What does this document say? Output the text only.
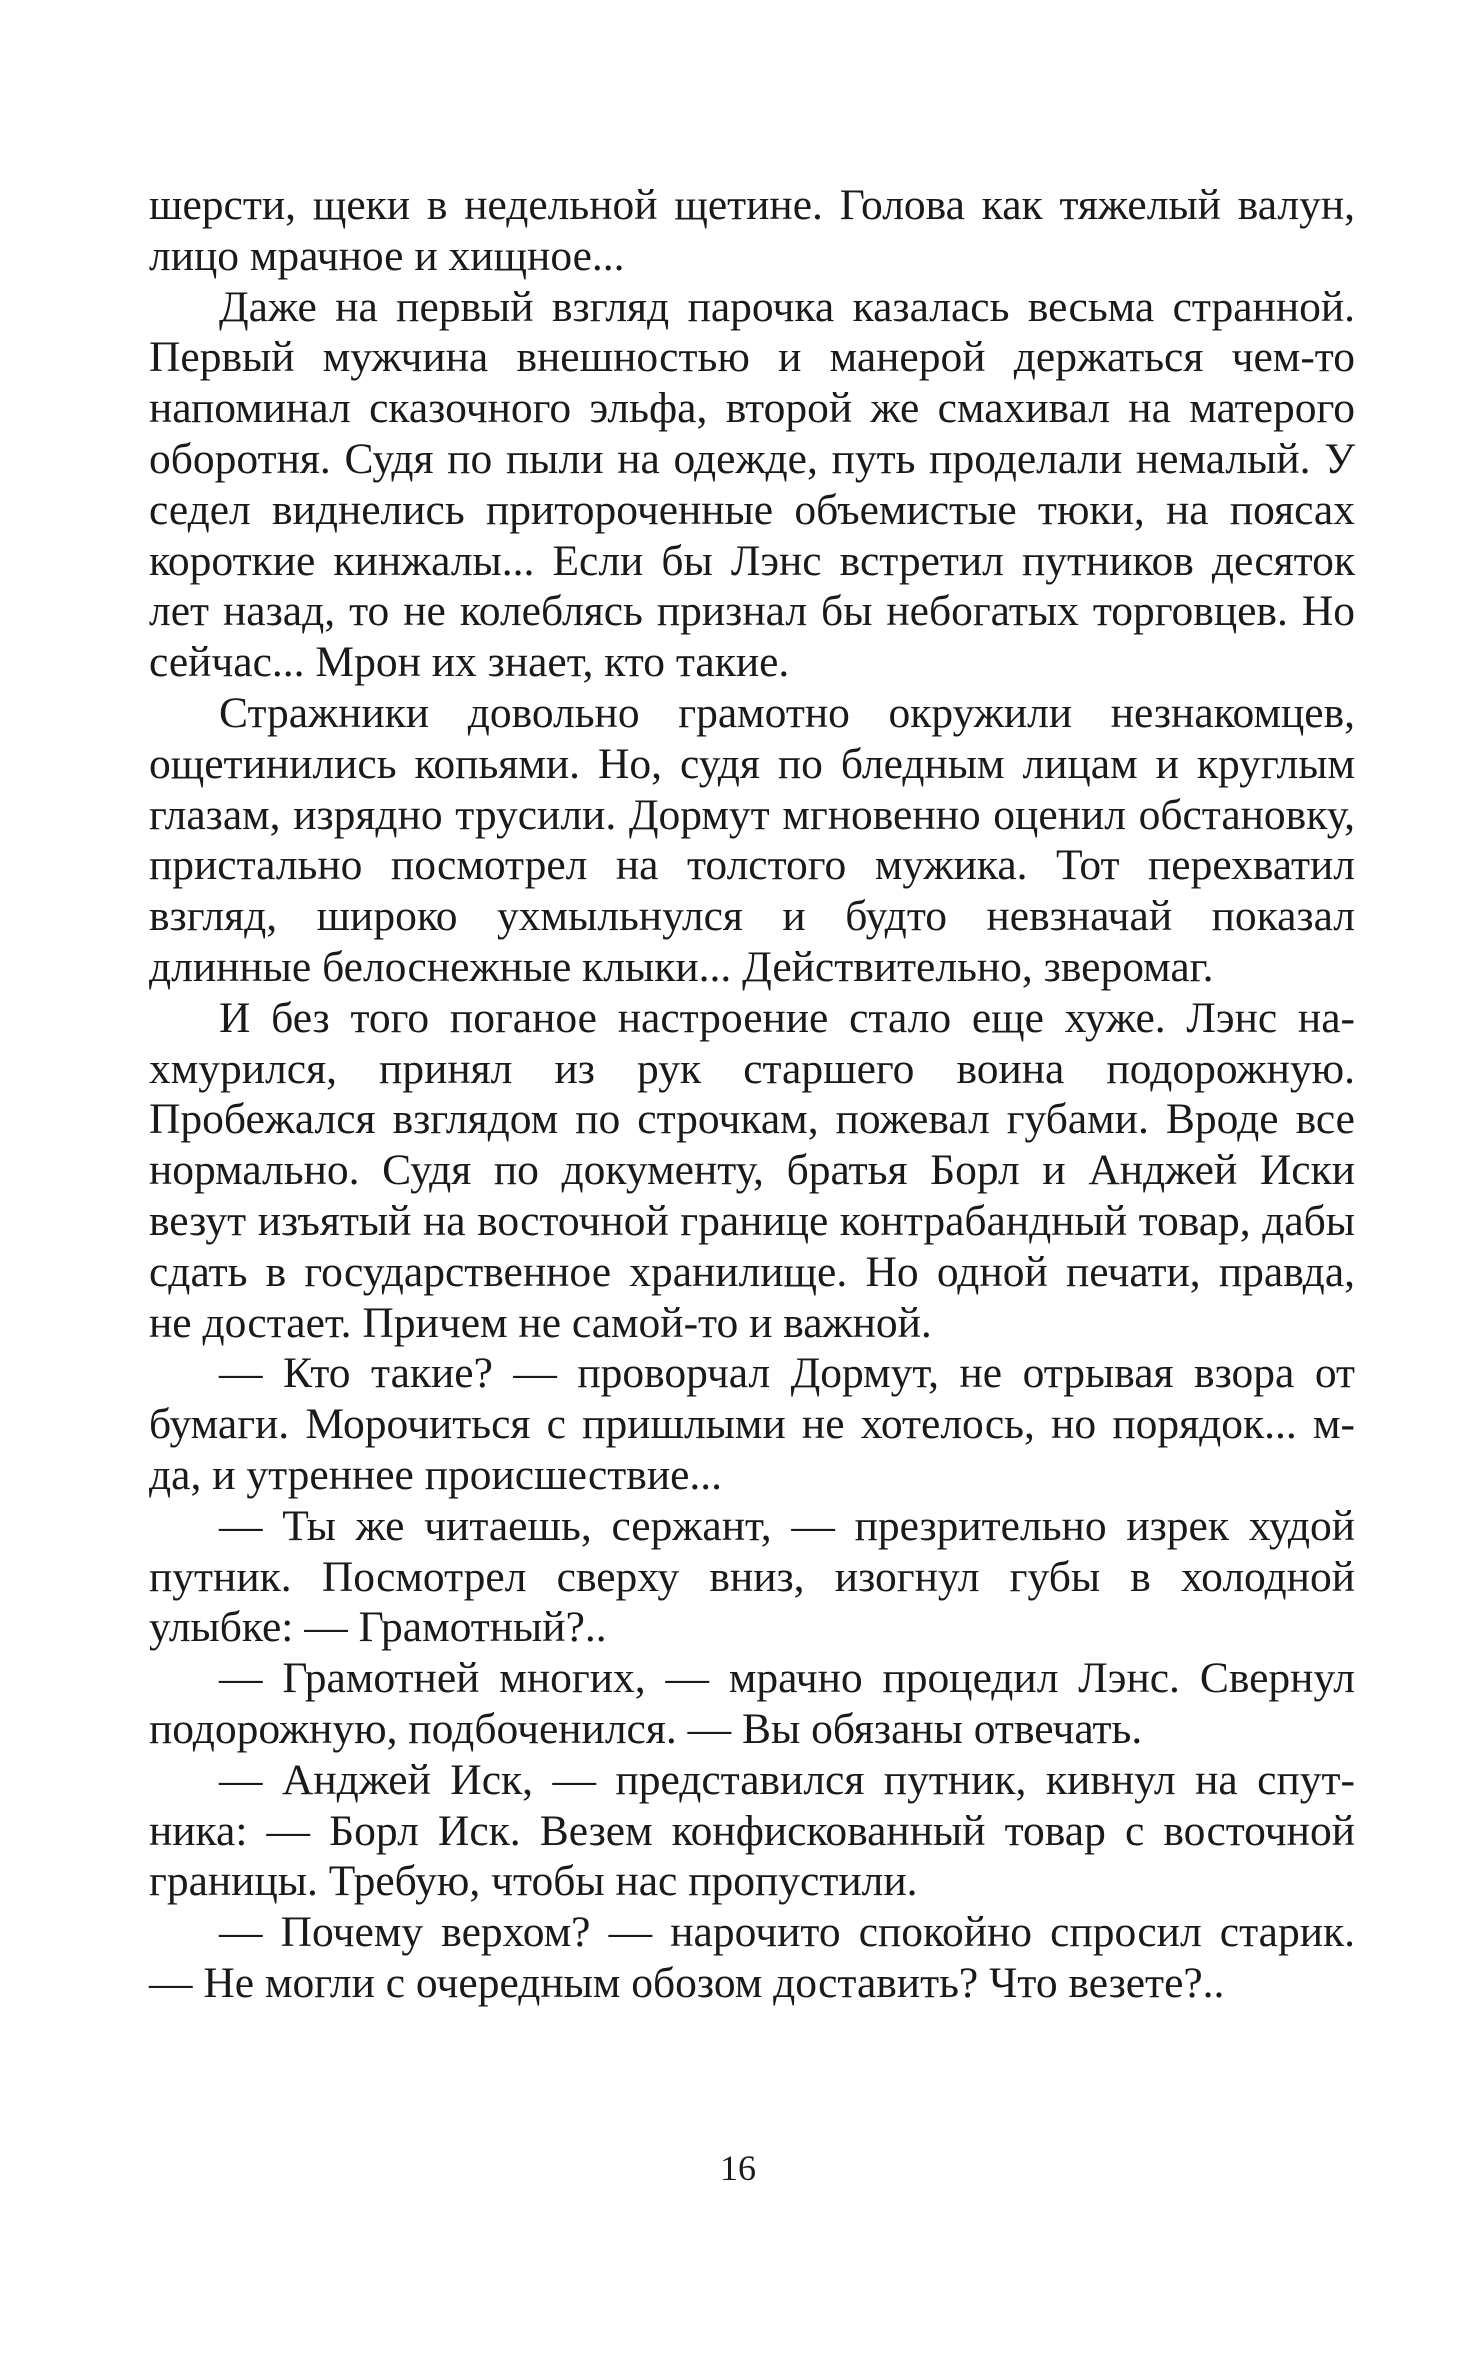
шерсти, щеки в недельной щетине. Голова как тяжелый валун, лицо мрачное и хищное...

Даже на первый взгляд парочка казалась весьма странной. Первый мужчина внешностью и манерой держаться чем-то напоминал сказочного эльфа, второй же смахивал на матерого оборотня. Судя по пыли на одежде, путь проделaли немалый. У седел виднелись притороченные объемистые тюки, на поясах короткие кинжалы... Если бы Лэнс встретил путников десяток лет назад, то не колеблясь признал бы небогатых торговцев. Но сейчас... Мрон их знает, кто такие.

Стражники довольно грамотно окружили незнакомцев, ощетинились копьями. Но, судя по бледным лицам и круглым глазам, изрядно трусили. Дормут мгновенно оценил обстановку, пристально посмотрел на толстого мужика. Тот перехватил взгляд, широко ухмыльнулся и будто невзначай показал длинные белоснежные клыки... Действительно, зверомаг.

И без того поганое настроение стало еще хуже. Лэнс нахмурился, принял из рук старшего воина подорожную. Пробежался взглядом по строчкам, пожевал губами. Вроде все нормально. Судя по документу, братья Борл и Анджей Иски везут изъятый на восточной границе контрабандный товар, дабы сдать в государственное хранилище. Но одной печати, правда, не достает. Причем не самой-то и важной.

— Кто такие? — проворчал Дормут, не отрывая взора от бумаги. Морочиться с пришлыми не хотелось, но порядок... м-да, и утреннее происшествие...

— Ты же читаешь, сержант, — презрительно изрек худой путник. Посмотрел сверху вниз, изогнул губы в холодной улыбке: — Грамотный?..

— Грамотней многих, — мрачно процедил Лэнс. Свернул подорожную, подбоченился. — Вы обязаны отвечать.

— Анджей Иск, — представился путник, кивнул на спутника: — Борл Иск. Везем конфискованный товар с восточной границы. Требую, чтобы нас пропустили.

— Почему верхом? — нарочито спокойно спросил старик. — Не могли с очередным обозом доставить? Что везете?..

16
